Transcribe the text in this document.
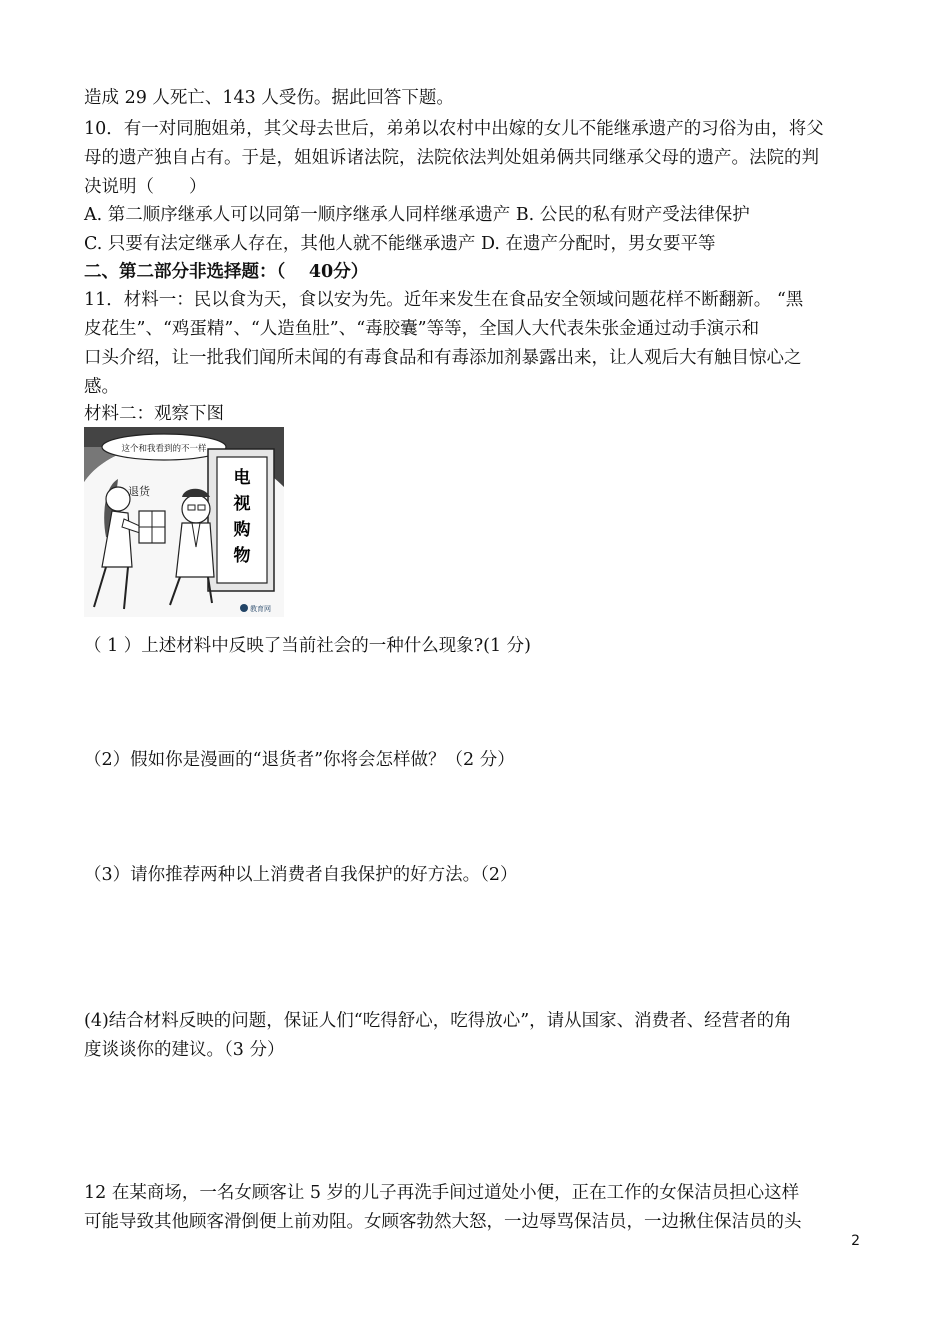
造成 29 人死亡、143 人受伤。据此回答下题。
10．有一对同胞姐弟，其父母去世后，弟弟以农村中出嫁的女儿不能继承遗产的习俗为由，将父
母的遗产独自占有。于是，姐姐诉诸法院，法院依法判处姐弟俩共同继承父母的遗产。法院的判
决说明（　　）
A. 第二顺序继承人可以同第一顺序继承人同样继承遗产 B. 公民的私有财产受法律保护
C. 只要有法定继承人存在，其他人就不能继承遗产 D. 在遗产分配时，男女要平等
二、第二部分非选择题：（　 40分）
11．材料一：民以食为天，食以安为先。近年来发生在食品安全领域问题花样不断翻新。 “黑
皮花生”、“鸡蛋精”、“人造鱼肚”、“毒胶囊”等等，全国人大代表朱张金通过动手演示和
口头介绍，让一批我们闻所未闻的有毒食品和有毒添加剂暴露出来，让人观后大有触目惊心之
感。
材料二：观察下图
这个和我看到的不一样
退货
电
视
购
物
教育网
（ 1 ）上述材料中反映了当前社会的一种什么现象?(1 分)
（2）假如你是漫画的“退货者”你将会怎样做？（2 分）
（3）请你推荐两种以上消费者自我保护的好方法。（2）
(4)结合材料反映的问题，保证人们“吃得舒心，吃得放心”，请从国家、消费者、经营者的角
度谈谈你的建议。（3 分）
12 在某商场，一名女顾客让 5 岁的儿子再洗手间过道处小便，正在工作的女保洁员担心这样
可能导致其他顾客滑倒便上前劝阻。女顾客勃然大怒，一边辱骂保洁员，一边揪住保洁员的头
2
